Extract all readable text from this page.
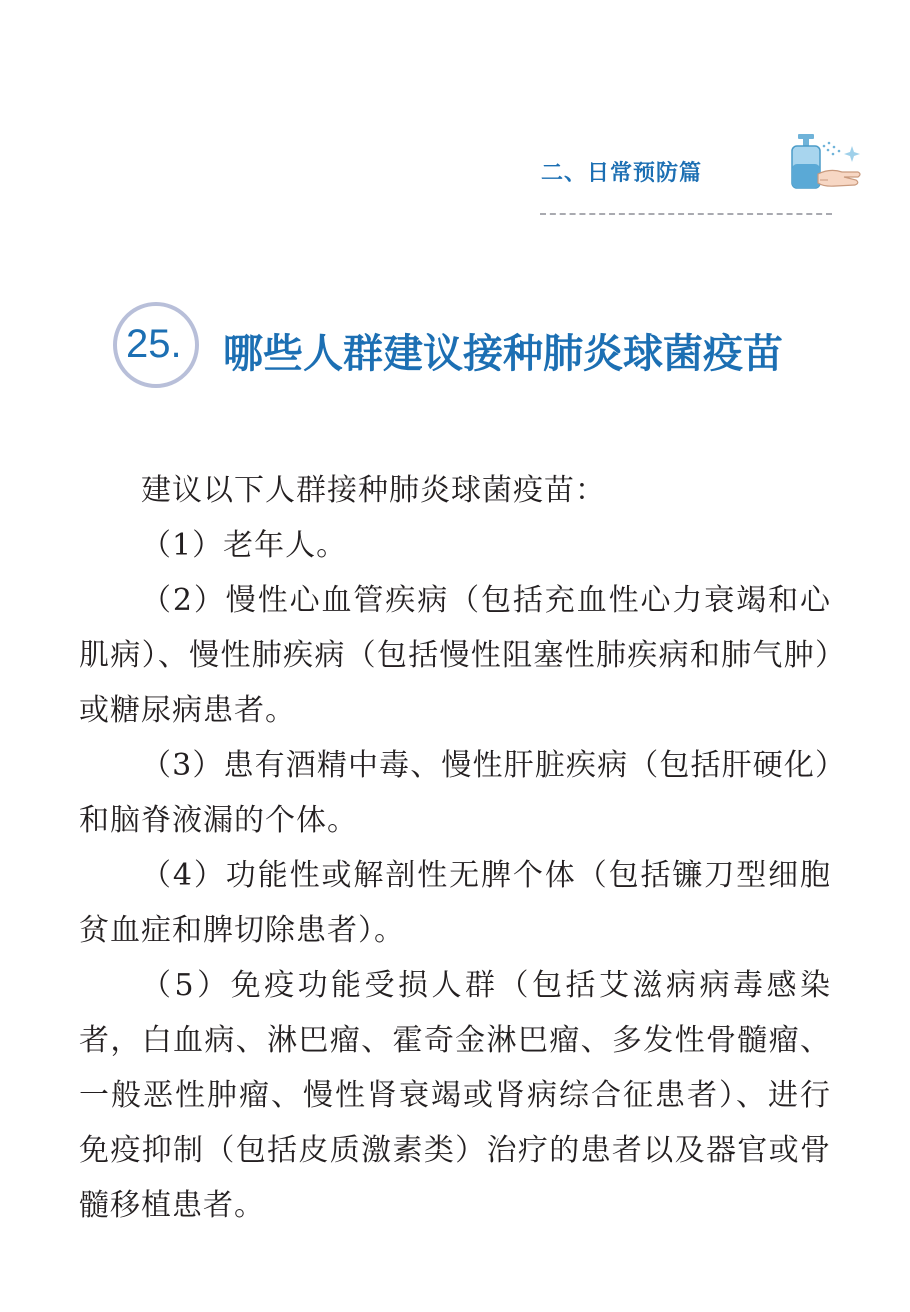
二、日常预防篇
25. 哪些人群建议接种肺炎球菌疫苗

建议以下人群接种肺炎球菌疫苗：

（1）老年人。

（2）慢性心血管疾病（包括充血性心力衰竭和心肌病）、慢性肺疾病（包括慢性阻塞性肺疾病和肺气肿）或糖尿病患者。

（3）患有酒精中毒、慢性肝脏疾病（包括肝硬化）和脑脊液漏的个体。

（4）功能性或解剖性无脾个体（包括镰刀型细胞贫血症和脾切除患者）。

（5）免疫功能受损人群（包括艾滋病病毒感染者，白血病、淋巴瘤、霍奇金淋巴瘤、多发性骨髓瘤、一般恶性肿瘤、慢性肾衰竭或肾病综合征患者）、进行免疫抑制（包括皮质激素类）治疗的患者以及器官或骨髓移植患者。
